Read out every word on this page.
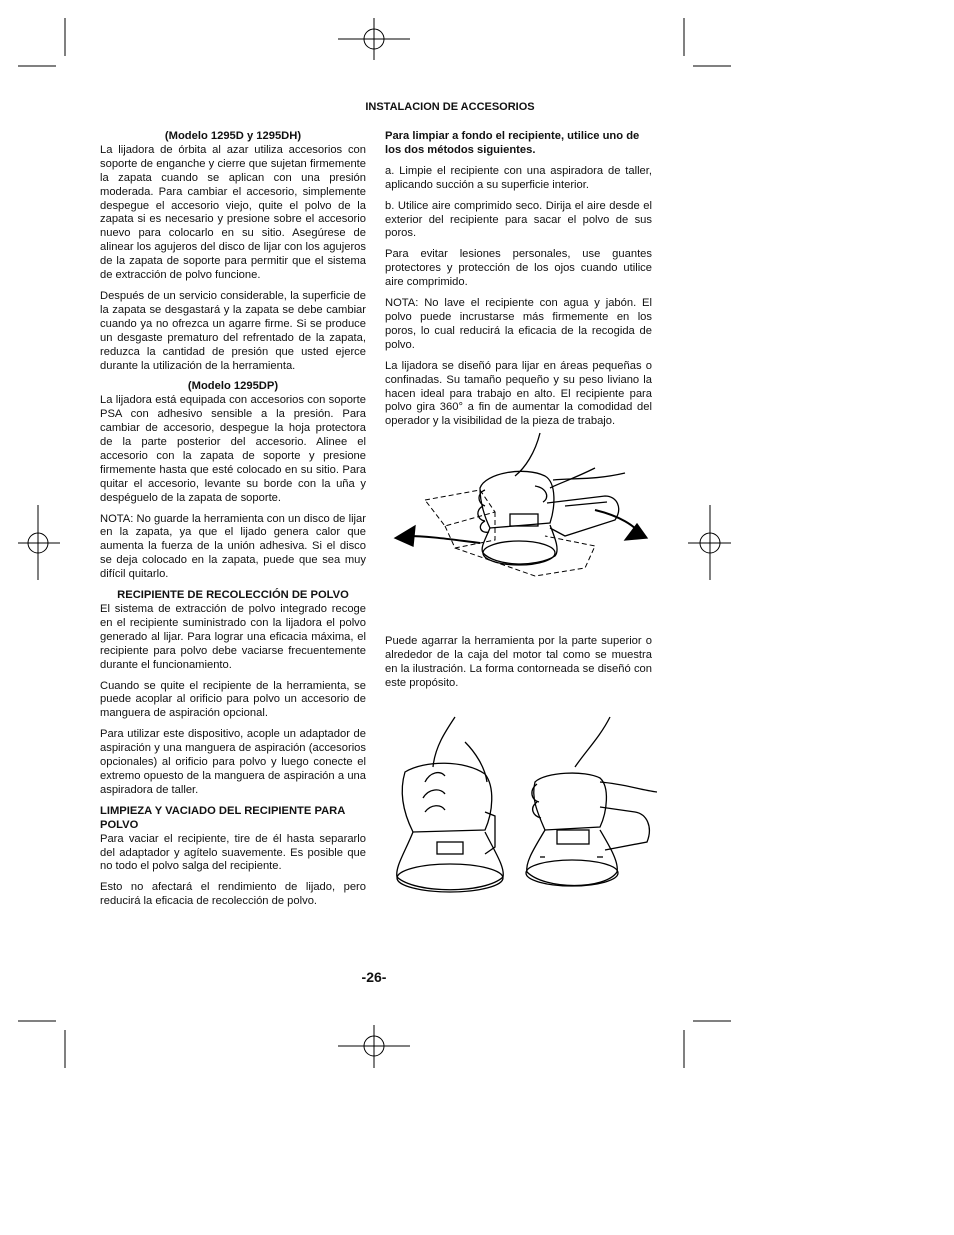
INSTALACION DE ACCESORIOS

(Modelo 1295D y 1295DH)

La lijadora de órbita al azar utiliza accesorios con soporte de enganche y cierre que sujetan firmemente la zapata cuando se aplican con una presión moderada. Para cambiar el accesorio, simplemente despegue el accesorio viejo, quite el polvo de la zapata si es necesario y presione sobre el accesorio nuevo para colocarlo en su sitio. Asegúrese de alinear los agujeros del disco de lijar con los agujeros de la zapata de soporte para permitir que el sistema de extracción de polvo funcione.

Después de un servicio considerable, la superficie de la zapata se desgastará y la zapata se debe cambiar cuando ya no ofrezca un agarre firme. Si se produce un desgaste prematuro del refrentado de la zapata, reduzca la cantidad de presión que usted ejerce durante la utilización de la herramienta.

(Modelo 1295DP)

La lijadora está equipada con accesorios con soporte PSA con adhesivo sensible a la presión. Para cambiar de accesorio, despegue la hoja protectora de la parte posterior del accesorio. Alinee el accesorio con la zapata de soporte y presione firmemente hasta que esté colocado en su sitio. Para quitar el accesorio, levante su borde con la uña y despéguelo de la zapata de soporte.

NOTA: No guarde la herramienta con un disco de lijar en la zapata, ya que el lijado genera calor que aumenta la fuerza de la unión adhesiva. Si el disco se deja colocado en la zapata, puede que sea muy difícil quitarlo.

RECIPIENTE DE RECOLECCIÓN DE POLVO

El sistema de extracción de polvo integrado recoge en el recipiente suministrado con la lijadora el polvo generado al lijar. Para lograr una eficacia máxima, el recipiente para polvo debe vaciarse frecuentemente durante el funcionamiento.

Cuando se quite el recipiente de la herramienta, se puede acoplar al orificio para polvo un accesorio de manguera de aspiración opcional.

Para utilizar este dispositivo, acople un adaptador de aspiración y una manguera de aspiración (accesorios opcionales) al orificio para polvo y luego conecte el extremo opuesto de la manguera de aspiración a una aspiradora de taller.

LIMPIEZA Y VACIADO DEL RECIPIENTE PARA POLVO

Para vaciar el recipiente, tire de él hasta separarlo del adaptador y agítelo suavemente. Es posible que no todo el polvo salga del recipiente.

Esto no afectará el rendimiento de lijado, pero reducirá la eficacia de recolección de polvo.

Para limpiar a fondo el recipiente, utilice uno de los dos métodos siguientes.

a. Limpie el recipiente con una aspiradora de taller, aplicando succión a su superficie interior.

b. Utilice aire comprimido seco. Dirija el aire desde el exterior del recipiente para sacar el polvo de sus poros.

Para evitar lesiones personales, use guantes protectores y protección de los ojos cuando utilice aire comprimido.

NOTA: No lave el recipiente con agua y jabón. El polvo puede incrustarse más firmemente en los poros, lo cual reducirá la eficacia de la recogida de polvo.

La lijadora se diseñó para lijar en áreas pequeñas o confinadas. Su tamaño pequeño y su peso liviano la hacen ideal para trabajo en alto. El recipiente para polvo gira 360° a fin de aumentar la comodidad del operador y la visibilidad de la pieza de trabajo.

Puede agarrar la herramienta por la parte superior o alrededor de la caja del motor tal como se muestra en la ilustración. La forma contorneada se diseñó con este propósito.

-26-
